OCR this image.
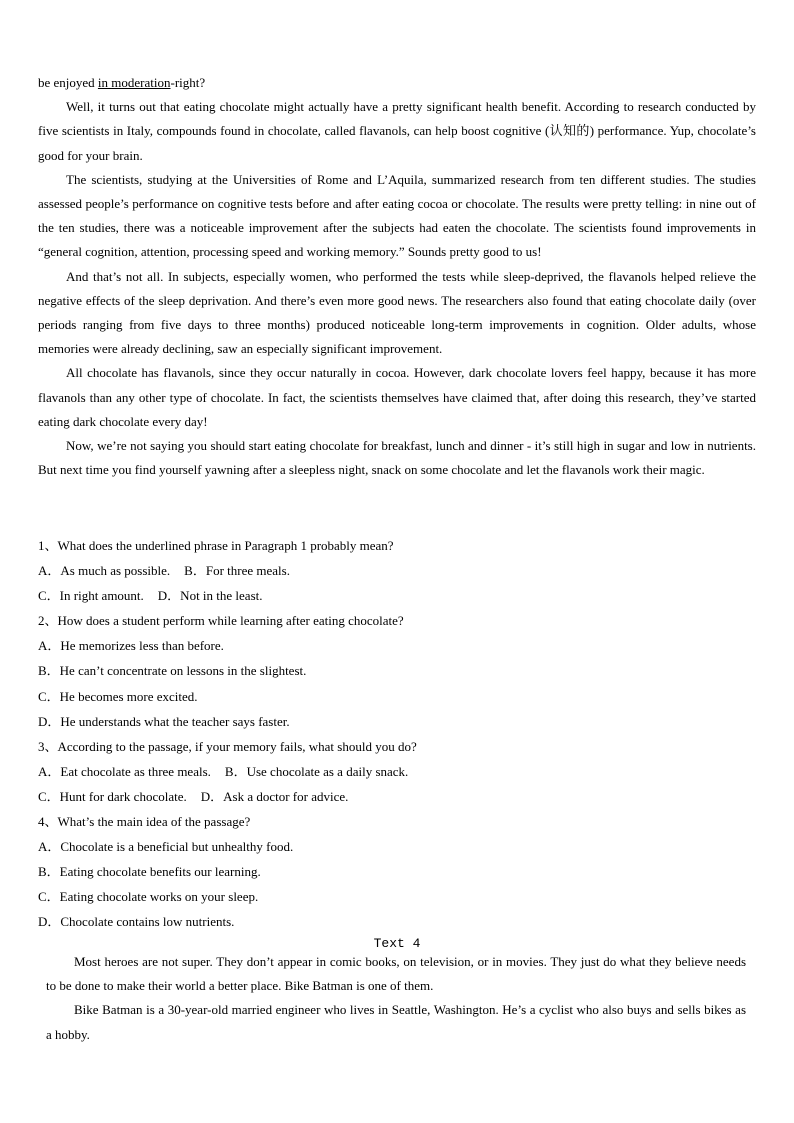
be enjoyed in moderation-right?

Well, it turns out that eating chocolate might actually have a pretty significant health benefit. According to research conducted by five scientists in Italy, compounds found in chocolate, called flavanols, can help boost cognitive (认知的) performance. Yup, chocolate’s good for your brain.

The scientists, studying at the Universities of Rome and L’Aquila, summarized research from ten different studies. The studies assessed people’s performance on cognitive tests before and after eating cocoa or chocolate. The results were pretty telling: in nine out of the ten studies, there was a noticeable improvement after the subjects had eaten the chocolate. The scientists found improvements in “general cognition, attention, processing speed and working memory.” Sounds pretty good to us!

And that’s not all. In subjects, especially women, who performed the tests while sleep-deprived, the flavanols helped relieve the negative effects of the sleep deprivation. And there’s even more good news. The researchers also found that eating chocolate daily (over periods ranging from five days to three months) produced noticeable long-term improvements in cognition. Older adults, whose memories were already declining, saw an especially significant improvement.

All chocolate has flavanols, since they occur naturally in cocoa. However, dark chocolate lovers feel happy, because it has more flavanols than any other type of chocolate. In fact, the scientists themselves have claimed that, after doing this research, they’ve started eating dark chocolate every day!

Now, we’re not saying you should start eating chocolate for breakfast, lunch and dinner - it’s still high in sugar and low in nutrients. But next time you find yourself yawning after a sleepless night, snack on some chocolate and let the flavanols work their magic.

1、What does the underlined phrase in Paragraph 1 probably mean?
A．As much as possible. B．For three meals.
C．In right amount. D．Not in the least.
2、How does a student perform while learning after eating chocolate?
A．He memorizes less than before.
B．He can’t concentrate on lessons in the slightest.
C．He becomes more excited.
D．He understands what the teacher says faster.
3、According to the passage, if your memory fails, what should you do?
A．Eat chocolate as three meals. B．Use chocolate as a daily snack.
C．Hunt for dark chocolate. D．Ask a doctor for advice.
4、What’s the main idea of the passage?
A．Chocolate is a beneficial but unhealthy food.
B．Eating chocolate benefits our learning.
C．Eating chocolate works on your sleep.
D．Chocolate contains low nutrients.
Text 4

Most heroes are not super. They don’t appear in comic books, on television, or in movies. They just do what they believe needs to be done to make their world a better place. Bike Batman is one of them.

Bike Batman is a 30-year-old married engineer who lives in Seattle, Washington. He’s a cyclist who also buys and sells bikes as a hobby.
